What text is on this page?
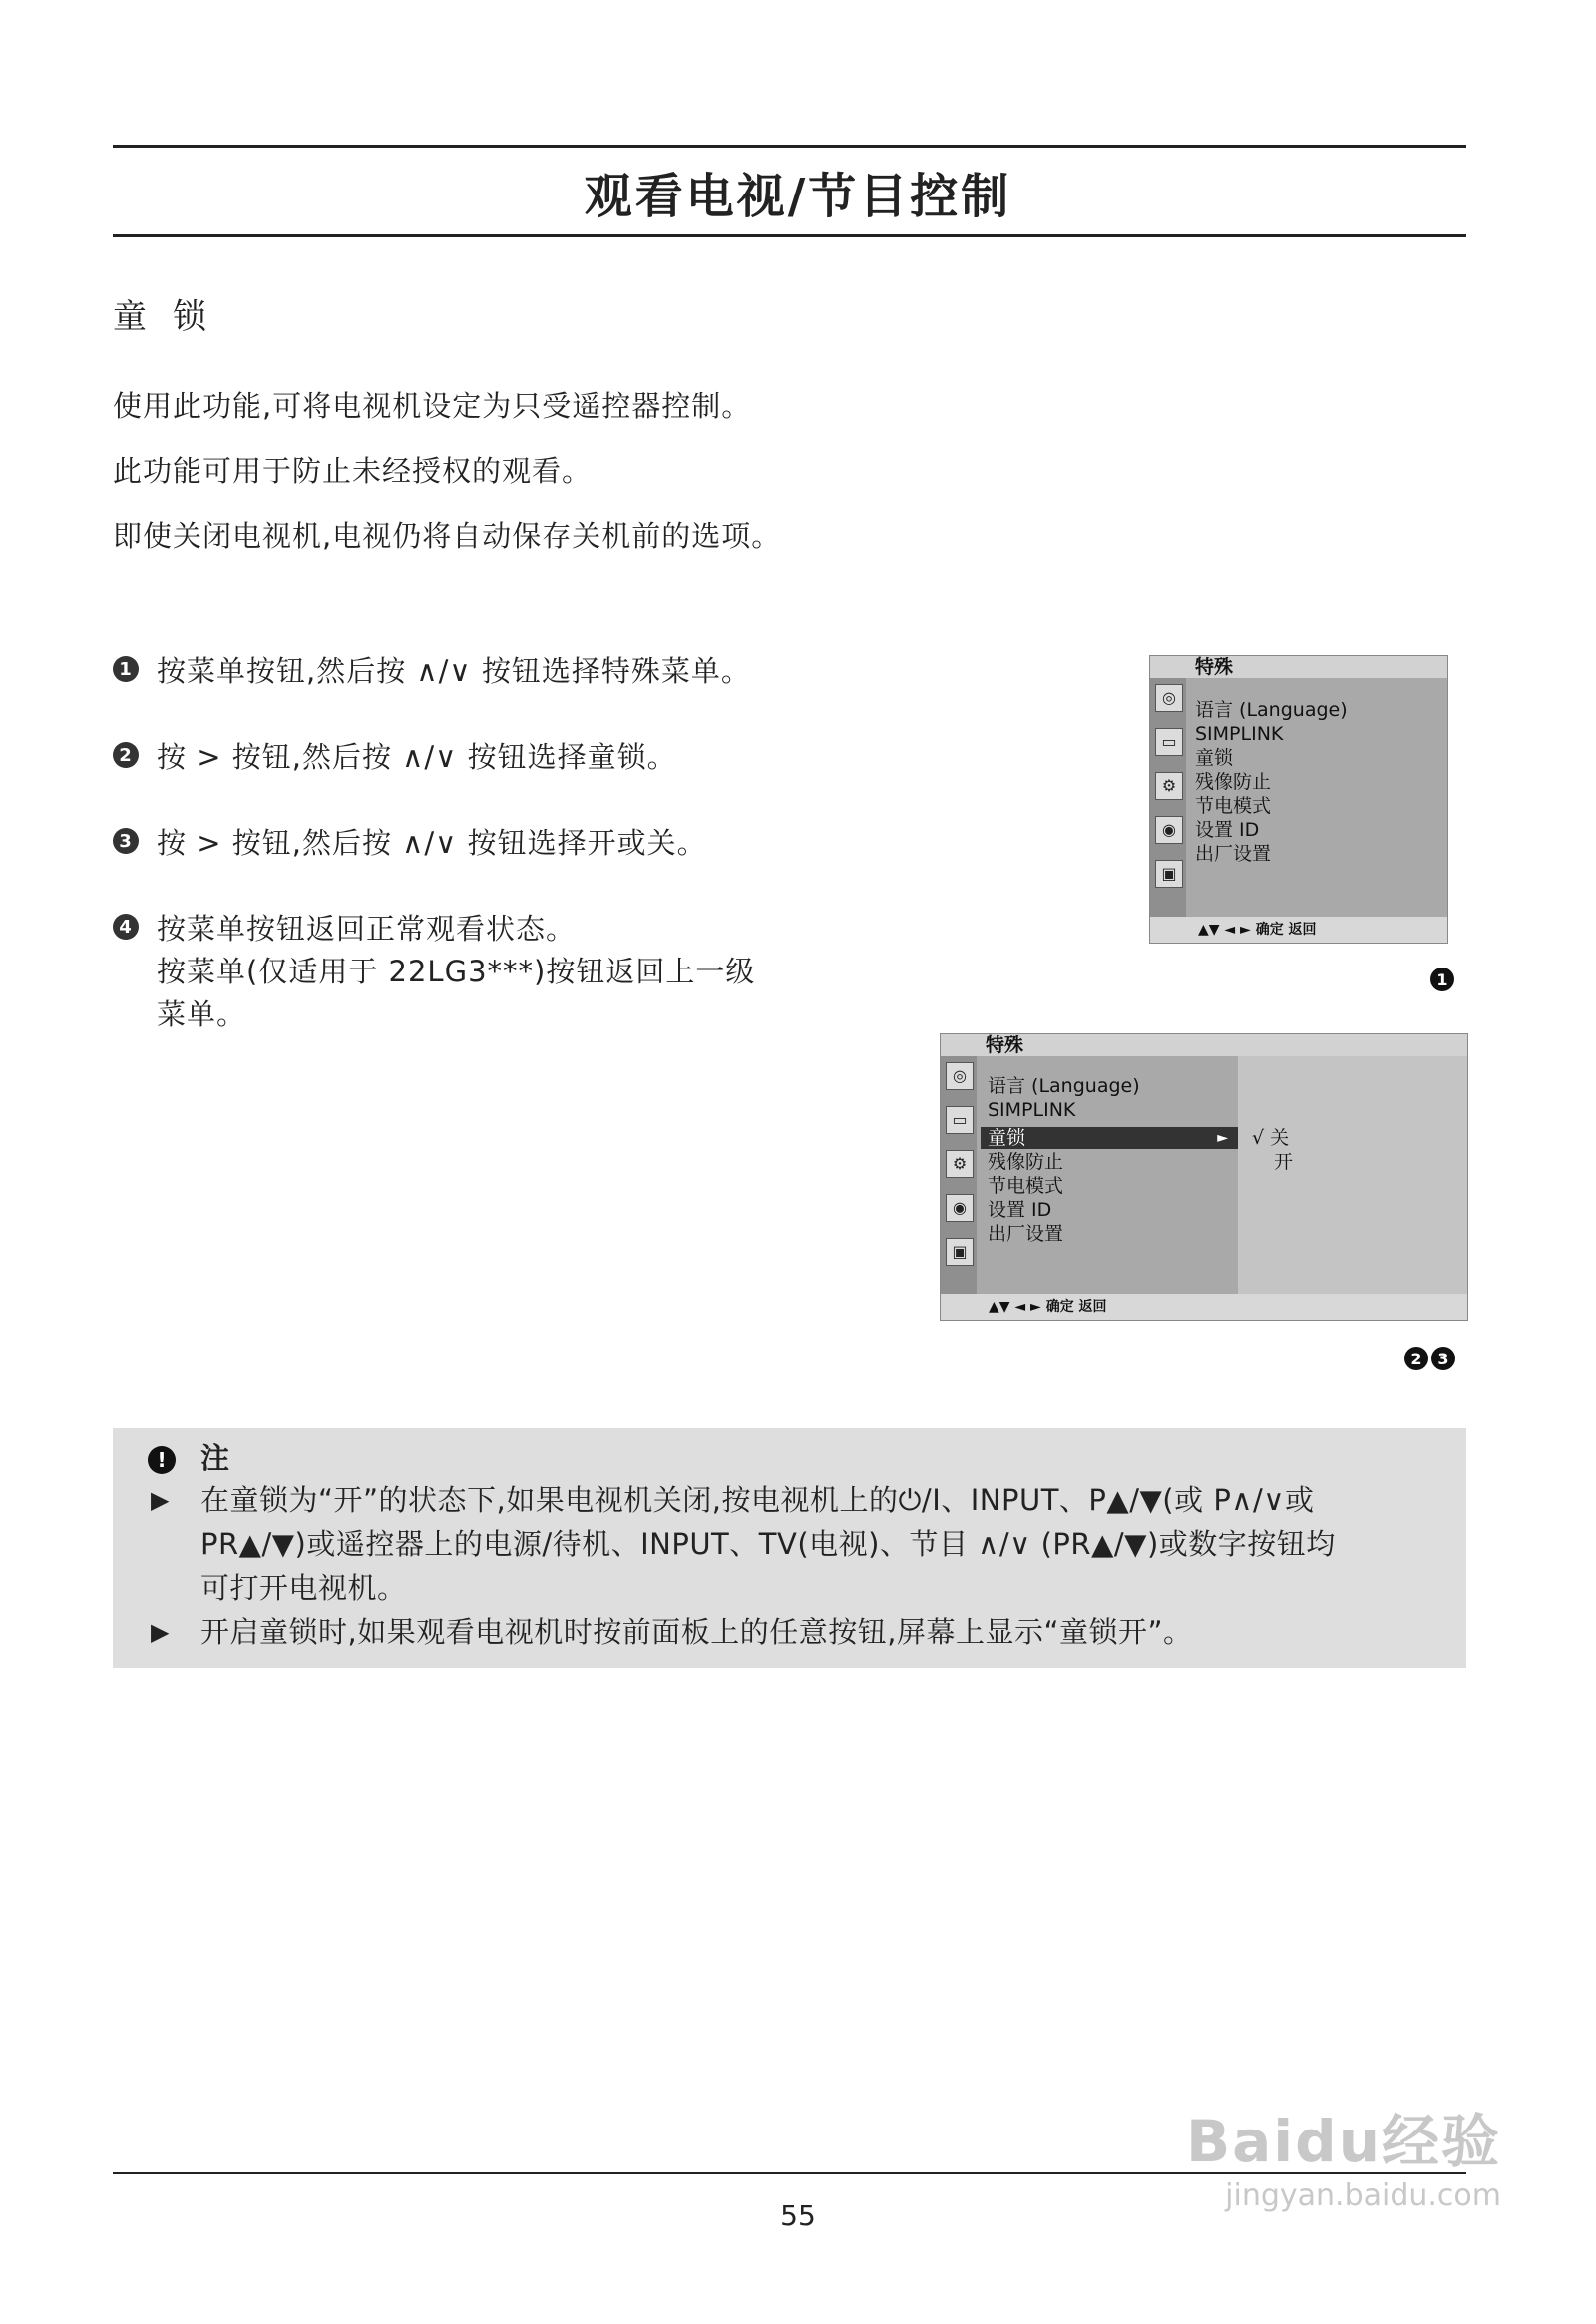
观看电视/节目控制
童锁
使用此功能,可将电视机设定为只受遥控器控制。
此功能可用于防止未经授权的观看。
即使关闭电视机,电视仍将自动保存关机前的选项。
1 按菜单按钮,然后按 ∧/∨ 按钮选择特殊菜单。
2 按 > 按钮,然后按 ∧/∨ 按钮选择童锁。
3 按 > 按钮,然后按 ∧/∨ 按钮选择开或关。
4 按菜单按钮返回正常观看状态。
按菜单(仅适用于 22LG3***)按钮返回上一级
菜单。
特殊
◎
▭
⚙
◉
▣
语言 (Language)
SIMPLINK
童锁
残像防止
节电模式
设置 ID
出厂设置
▲▼ ◄ ► 确定 返回
1
特殊
◎
▭
⚙
◉
▣
语言 (Language)
SIMPLINK
童锁	►
残像防止
节电模式
设置 ID
出厂设置
√ 关
开
▲▼ ◄ ► 确定 返回
2 3
!	注
▶ 在童锁为“开”的状态下,如果电视机关闭,按电视机上的⏻/I、INPUT、P▲/▼(或 P∧/∨或
PR▲/▼)或遥控器上的电源/待机、INPUT、TV(电视)、节目 ∧/∨ (PR▲/▼)或数字按钮均
可打开电视机。
▶ 开启童锁时,如果观看电视机时按前面板上的任意按钮,屏幕上显示“童锁开”。
55
Baidu经验
jingyan.baidu.com
